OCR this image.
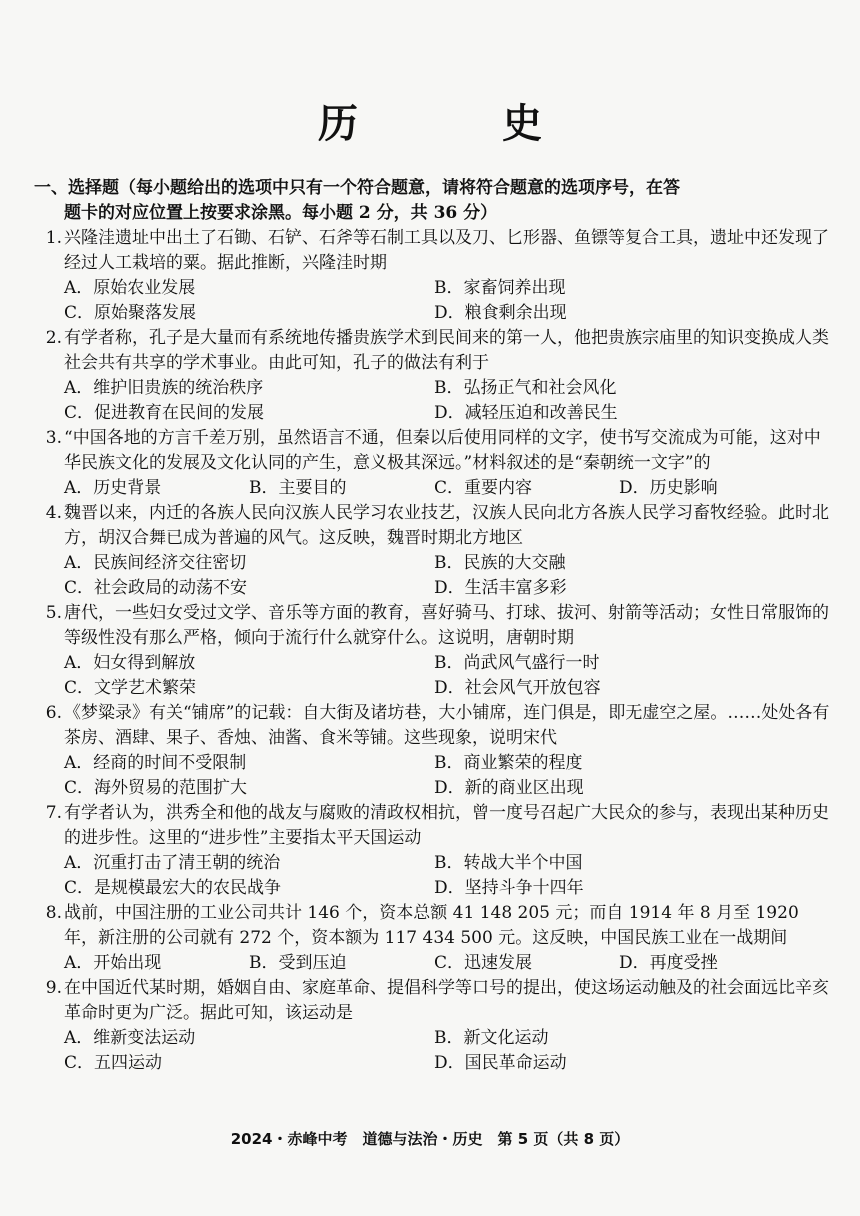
历　史
一、选择题（每小题给出的选项中只有一个符合题意，请将符合题意的选项序号，在答
题卡的对应位置上按要求涂黑。每小题 2 分，共 36 分）

1. 兴隆洼遗址中出土了石锄、石铲、石斧等石制工具以及刀、匕形器、鱼镖等复合工具，遗址中还发现了经过人工栽培的粟。据此推断，兴隆洼时期

A．原始农业发展	B．家畜饲养出现
C．原始聚落发展	D．粮食剩余出现

2. 有学者称，孔子是大量而有系统地传播贵族学术到民间来的第一人，他把贵族宗庙里的知识变换成人类社会共有共享的学术事业。由此可知，孔子的做法有利于

A．维护旧贵族的统治秩序	B．弘扬正气和社会风化
C．促进教育在民间的发展	D．减轻压迫和改善民生

3. “中国各地的方言千差万别，虽然语言不通，但秦以后使用同样的文字，使书写交流成为可能，这对中华民族文化的发展及文化认同的产生，意义极其深远。”材料叙述的是“秦朝统一文字”的

A．历史背景	B．主要目的	C．重要内容	D．历史影响

4. 魏晋以来，内迁的各族人民向汉族人民学习农业技艺，汉族人民向北方各族人民学习畜牧经验。此时北方，胡汉合舞已成为普遍的风气。这反映，魏晋时期北方地区

A．民族间经济交往密切	B．民族的大交融
C．社会政局的动荡不安	D．生活丰富多彩

5. 唐代，一些妇女受过文学、音乐等方面的教育，喜好骑马、打球、拔河、射箭等活动；女性日常服饰的等级性没有那么严格，倾向于流行什么就穿什么。这说明，唐朝时期

A．妇女得到解放	B．尚武风气盛行一时
C．文学艺术繁荣	D．社会风气开放包容

6. 《梦粱录》有关“铺席”的记载：自大街及诸坊巷，大小铺席，连门俱是，即无虚空之屋。……处处各有茶房、酒肆、果子、香烛、油酱、食米等铺。这些现象，说明宋代

A．经商的时间不受限制	B．商业繁荣的程度
C．海外贸易的范围扩大	D．新的商业区出现

7. 有学者认为，洪秀全和他的战友与腐败的清政权相抗，曾一度号召起广大民众的参与，表现出某种历史的进步性。这里的“进步性”主要指太平天国运动

A．沉重打击了清王朝的统治	B．转战大半个中国
C．是规模最宏大的农民战争	D．坚持斗争十四年

8. 战前，中国注册的工业公司共计 146 个，资本总额 41 148 205 元；而自 1914 年 8 月至 1920 年，新注册的公司就有 272 个，资本额为 117 434 500 元。这反映，中国民族工业在一战期间

A．开始出现	B．受到压迫	C．迅速发展	D．再度受挫

9. 在中国近代某时期，婚姻自由、家庭革命、提倡科学等口号的提出，使这场运动触及的社会面远比辛亥革命时更为广泛。据此可知，该运动是

A．维新变法运动	B．新文化运动
C．五四运动	D．国民革命运动
2024・赤峰中考　道德与法治・历史　第 5 页（共 8 页）
